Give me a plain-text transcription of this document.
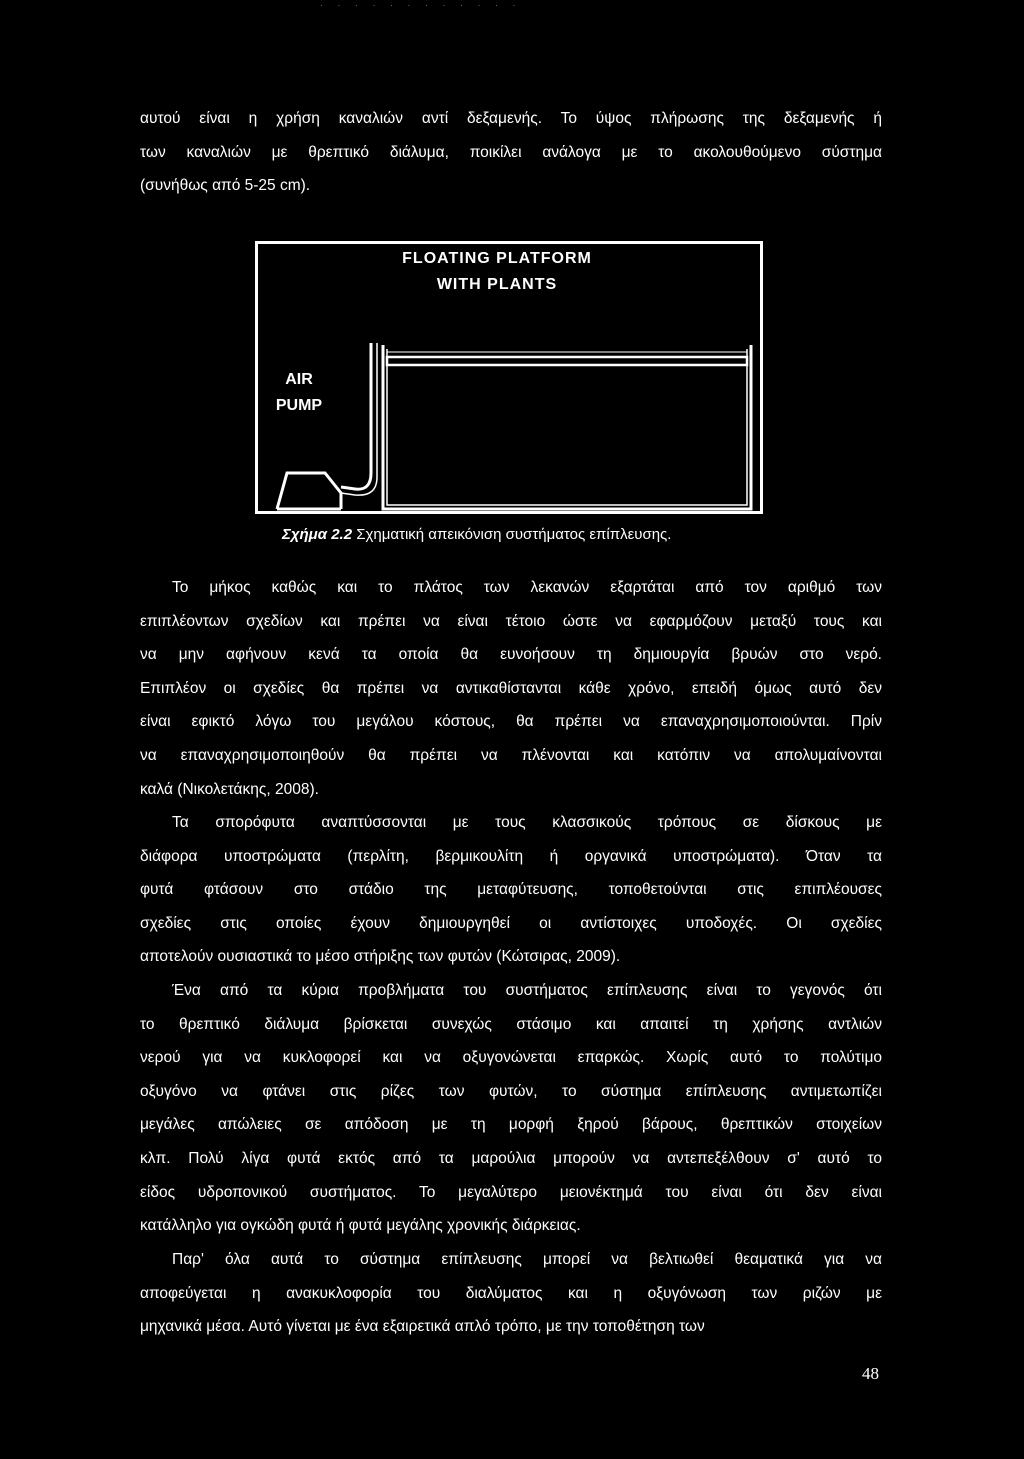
· · · · · · · · · · · ·
αυτού είναι η χρήση καναλιών αντί δεξαμενής. Το ύψος πλήρωσης της δεξαμενής ή
των καναλιών με θρεπτικό διάλυμα, ποικίλει ανάλογα με το ακολουθούμενο σύστημα
(συνήθως από 5-25 cm).
FLOATING PLATFORM
WITH PLANTS
AIR
PUMP
Σχήμα 2.2 Σχηματική απεικόνιση συστήματος επίπλευσης.
Το μήκος καθώς και το πλάτος των λεκανών εξαρτάται από τον αριθμό των
επιπλέοντων σχεδίων και πρέπει να είναι τέτοιο ώστε να εφαρμόζουν μεταξύ τους και
να μην αφήνουν κενά τα οποία θα ευνοήσουν τη δημιουργία βρυών στο νερό.
Επιπλέον οι σχεδίες θα πρέπει να αντικαθίστανται κάθε χρόνο, επειδή όμως αυτό δεν
είναι εφικτό λόγω του μεγάλου κόστους, θα πρέπει να επαναχρησιμοποιούνται. Πρίν
να επαναχρησιμοποιηθούν θα πρέπει να πλένονται και κατόπιν να απολυμαίνονται
καλά (Νικολετάκης, 2008).
Τα σπορόφυτα αναπτύσσονται με τους κλασσικούς τρόπους σε δίσκους με
διάφορα υποστρώματα (περλίτη, βερμικουλίτη ή οργανικά υποστρώματα). Όταν τα
φυτά φτάσουν στο στάδιο της μεταφύτευσης, τοποθετούνται στις επιπλέουσες
σχεδίες στις οποίες έχουν δημιουργηθεί οι αντίστοιχες υποδοχές. Οι σχεδίες
αποτελούν ουσιαστικά το μέσο στήριξης των φυτών (Κώτσιρας, 2009).
Ένα από τα κύρια προβλήματα του συστήματος επίπλευσης είναι το γεγονός ότι
το θρεπτικό διάλυμα βρίσκεται συνεχώς στάσιμο και απαιτεί τη χρήσης αντλιών
νερού για να κυκλοφορεί και να οξυγονώνεται επαρκώς. Χωρίς αυτό το πολύτιμο
οξυγόνο να φτάνει στις ρίζες των φυτών, το σύστημα επίπλευσης αντιμετωπίζει
μεγάλες απώλειες σε απόδοση με τη μορφή ξηρού βάρους, θρεπτικών στοιχείων
κλπ. Πολύ λίγα φυτά εκτός από τα μαρούλια μπορούν να αντεπεξέλθουν σ' αυτό το
είδος υδροπονικού συστήματος. Το μεγαλύτερο μειονέκτημά του είναι ότι δεν είναι
κατάλληλο για ογκώδη φυτά ή φυτά μεγάλης χρονικής διάρκειας.
Παρ' όλα αυτά το σύστημα επίπλευσης μπορεί να βελτιωθεί θεαματικά για να
αποφεύγεται η ανακυκλοφορία του διαλύματος και η οξυγόνωση των ριζών με
μηχανικά μέσα. Αυτό γίνεται με ένα εξαιρετικά απλό τρόπο, με την τοποθέτηση των
48
